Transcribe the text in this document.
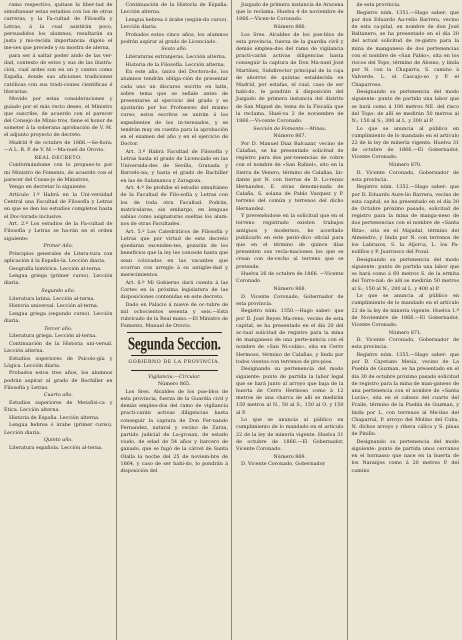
ramo respectivo, quitase la liber-tad de simultanear estas estudios con los de otras carreras, y la Fa-cultad de Filosofía y Letras, á la cual asistirán poco, persuadidos los alumnos, resultarán su justa y mo-recida importancia: digolo el me-ses que precede y su mostra de alerna,

para ser á saltar poder ando de las ver-dad, contexto de estos y sus de las ilustra-ción, cual ardes son en un y cantos como España, donde sus aficiones tradiciones católicas con sus tradi-ciones científicas é literarias.

Movido por estas consideraciones y guiado por el más recto deseo, el Ministro que suscribe, de acuerdo con el parecer del Consejo de Minis-tros, tiene el honor de someter á la soberana aprobación de V. M. el adjunto proyecto de decreto.

Madrid 9 de octubre de 1866.—Se-ñora:—A L. R. P. de V. M.—Ma-nuel de Orovio.

REAL DECRETO.

Conformándome con lo propues-to por mi Ministro de Fomento, de acuerdo con el parecer del Conse-jo de Ministros,

Vengo en decretar lo siguiente:

Artículo 1.º Habrá en la Uni-versidad Central una Facultad de Filosofía y Letras en que se den los estudios completos hasta el Doc-torado inclusive.

Art. 2.º Los estudios de la Fa-cultad de Filosofía y Letras se ha-rán en el orden siguiente:

Primer Año.

Principios generales de Litera-tura con aplicación á la Españo-la. Lección diaria.

Geografía histórica. Lección al-terna.

Lengua griega (primer curso). Lección diaria.

Segundo año.

Literatura latina. Lección al-terna.

Historia universal. Lección al-terna.

Lengua griega (segundo curso). Lección diaria.

Tercer año.

Literatura griega. Lección al-terna.

Continuación de la Historia uni-versal. Lección alterna.

Estudios superiores de Psicolo-gía y Lógica. Lección diaria.

Probados estos tres años, los alumnos podrán aspirar al grado de Bachiller en Filosofía y Letras.

Cuarto año.

Estudios superiores de Metafísi-ca y Ética. Lección alterna.

Historia de España. Lección alterna.

Lengua hebrea ó árabe (primer curso). Lección diaria.

Quinto año.

Literatura española. Lección al-terna.

Continuación de la Historia de España. Lección alterna.

Lengua hebrea ó árabe (según-do curso). Lección diaria.

Probados estos cinco años, los alumnos podrán aspirar al grado de Licenciado.

Sexto año.

Literaturas extranjeras. Lección alterna.

Historia de la Filosofía. Lección alterna.

En este año, único del Doctora-do, los alumnos tendrán obliga-ción de presentar cada uno un discurso escrito en latín, sobre tema que se señale antes de presentarse al ejercicio del grado y se ajustarán por los Profesores del mismo curso; estos escritos se unirán á los expedientes de los in-teresados, y se tendrán muy en cuenta para la aprobación en el examen del año y en el ejercicio de Doctor.

Art. 3.º Habrá Facultad de Filosofía y Letras hasta el grado de Licenciado en las Universida-des de Sevilla, Granada y Barcelo-na; y hasta el grado de Bachiller en las de Salamanca y Zaragoza.

Art. 4.º Se prohíbe el estudio simultáneo de la Facultad de Filo-sofía y Letras con los de toda otra Facultad. Podrán, matricularse, sin embargo, en lenguas sabias como asignaturas sueltas los alum-nos de otras Facultades.

Art. 5.º Los Catedráticos de Filosofía y Letras que por virtud de este decreto quedaran excenden-tes, gozarán de los beneficios que la ley les concede hasta que sean colocados en las vacantes que ocurran con arreglo á su antigüe-dad y merecimientos.

Art. 6.º Mi Gobierno dará cuenta á las Cortes en la próxima legislatura de las disposiciones contenidas en este decreto.

Dado en Palacio á nueve de oc-tubre de mil ochocientos sesenta y seis.—Está rubricado de la Real mano.—El Ministro de Fomento, Manuel de Orovio.

Segunda Seccion.

GOBIERNO DE LA PROVINCIA.

Vigilancia.—Circular.

Número 865.

Los Sres. Alcaldes de los pue-blos de esta provincia, fuerza de la Guardia civil y demás emplea-dos del ramo de vigilancia practi-carán activas diligencias hasta conseguir la captura de Don Fer-nando Fernandez, natural y vecino de Zarza, partido judicial de La-grosan, de estado viudo, de edad de 54 años y barcero de ganado, que se fugó de la cárcel de Santa Olalla la noche del 25 de noviem-bre de 1864, y caso de ser habi-do, lo pondrán á disposición del

Juzgado de primera instancia de Aracena que lo reclama. Huelva 4 de noviembre de 1866.—Vicen-te Coronado.

Número 866.

Los Sres. Alcaldes de los pue-blos de esta provincia, fuerza de la guardia civil y demás emplea-dos del ramo de vigilancia practi-carán activas diligencias hasta conseguir la captura de Don Ma-nuel José Martínez, Subdirector principal de la caja de ahorros de quintas establecida en Madrid, por estafas, el cual, caso de ser habi-do, le pondrán á disposición del Juzgado de primera instancia del distrito de San Miguel de, tema de la Fiscalía que la reclama. Huel-va 2 de noviembre de 1866.—Vi-cente Coronado.

Sección de Fomento.—Minas.

Número 867.

Por D. Manuel Diaz Balcazar, vecino de Calañas, se ha presentado solicitud de registro para dos per-tenencias de cobre con el nombre de «San Rafael», sito en la Sierra de Venero, término de Calañas, lin-dante por N. con tierras de D. Lo-renzo Hernandez, E. otras denomi-nada de Calaña, S. solana de Pablo Vazquez y P. terreno del común y terrenos del dicho Hernandez.

Y prevenéndose en la solicitud que en el terreno registrado existen trabajos antiguos y modernos, he acordado publicarlo en este perió-dico oficial para que en el término de quince días presenten sus recla-maciones los que se crean con de-recho al terreno que se pretende.

Huelva 26 de octubre de 1866. —Vicente Coronado.

Número 868.

D. Vicente Coronado, Gobernador de esta provincia.

Registro núm. 1350.—Hago saber: que por D. José Reyes Ma-reno, vecino de esta capital, se ha presentado en el día 20 del ac-tual solicitud de registro para la mina de manganeso de una perte-nencia con el nombre de «San Ni-colás», sita en Cerro Hermoso, término de Calañas, y linda por todos vientos con terrenos de pro-pios.

Designando su pertenencia del modo siguiente: punto de partida la labor legal que se hará junto al arroyo que baja de la huerta de Cerro Hermoso como á 12 metros de una charca de allí se medirán 150 metros al N., 50 al S., 150 al O. y 150 al P.

Lo que se anuncia al público en cumplimiento de lo mandado en el artículo 22 de la ley de minería vigente. Huelva 31 de octubre de 1866.—El Gobernador, Vicente Coronado.

Número 869.

D. Vicente Coronado, Gobernador

de esta provincia.

Registro núm. 1351.—Hago saber: que por don Eduardo Au-relio Barrera, vecino de esta ca-pital, en nombre de don José Baltanero, se ha presentado en el día 20 del actual solicitud de re-gistro para la mina de manganeso de dos pertenencias con el nombre de «San Pablo», sita en los riscos del Topo, término de Alosno, y linda por N. con la Chaparra, S. camino á Valverde, L. el Cascajo-so y P. el Chaparroso.

Designando su pertenencia del modo siguiente: punto de partida una labor que se hará como á 100 metros NE. del risco del Topo: de allí se medirán 50 metros al N.; 150 al S.; 300 al L. y 300 al P.

Lo que se anuncia al público en cumplimiento de lo mandado en el artículo 22 de la ley de minería vigente. Huelva 31 de octubre de 1866.—El Gobernador, Vicente Coronado.

Número 870.

D. Vicente Coronado, Gobernador de esta provincia.

Registro núm. 1352.—Hago saber: que por D. Eduardo Aure-lio Barrera, vecino de esta capital, se ha presentado en el día 30 de Octubre próximo pasado, solicitud de registro para la mina de manga-neso de dos pertenencias con el nombre de «Santa Rita», sita en el Majadal, término del Almendro, y linda por N. con terrenos de los Labrazos, S. la Aljorca, L. los Pa-nolillos y P. Juarrasco del Pozal.

Designando su pertenencia del modo siguiente: punto de partida una labor que se hará como á 60 metros S. de la ermita del Torro-nal: de allí se medirán 50 metros al S.; 150 al N.; 200 al L. y 400 al P.

Lo que se anuncia al público en cumplimiento de lo mandado en el artículo 22 de la ley de minería vigente. Huelva 1.º de Noviembre de 1866.—El Gobernador, Vicente Coronado.

Número 871.

D. Vicente Coronado, Gobernador de esta provincia.

Registro núm. 1353.—Hago saber: que por D. Cayetano Mesía, vecino de La Puebla de Guzman, se ha presentado en el día 30 de octubre próximo pasado solicitud de registro para la mina de man-ganeso de una pertenencia con el nombre de «Santa Lucía», sita en el cabezo del cuarto del Fraile, término de la Puebla de Guzman, y linda por L. con terrenos al Me-lino del Chaparral, P. arroyo del Molino del Cuba, N. dichos arroyo y ribera cálica y S. pinas de Pinillo.

Designando su pertenencia del modo siguiente: punto de partida unos cercanos en el hornasso que nace en la huerta de los Naranjos como á 20 metros P. del camino
